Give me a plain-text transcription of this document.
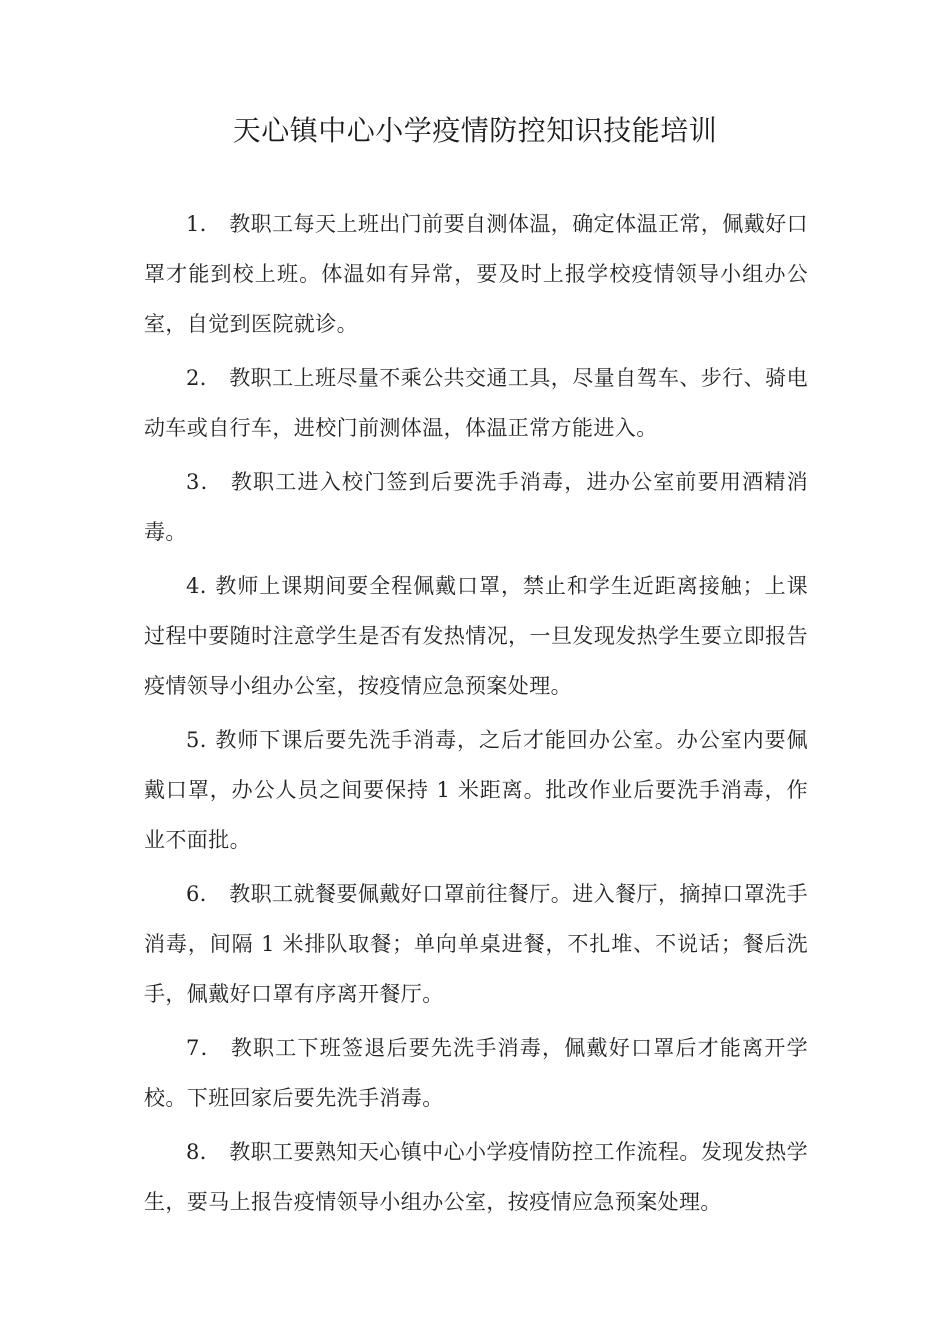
天心镇中心小学疫情防控知识技能培训

1． 教职工每天上班出门前要自测体温，确定体温正常，佩戴好口罩才能到校上班。体温如有异常，要及时上报学校疫情领导小组办公室，自觉到医院就诊。

2． 教职工上班尽量不乘公共交通工具，尽量自驾车、步行、骑电动车或自行车，进校门前测体温，体温正常方能进入。

3． 教职工进入校门签到后要洗手消毒，进办公室前要用酒精消毒。

4. 教师上课期间要全程佩戴口罩，禁止和学生近距离接触；上课过程中要随时注意学生是否有发热情况，一旦发现发热学生要立即报告疫情领导小组办公室，按疫情应急预案处理。

5. 教师下课后要先洗手消毒，之后才能回办公室。办公室内要佩戴口罩，办公人员之间要保持 1 米距离。批改作业后要洗手消毒，作业不面批。

6． 教职工就餐要佩戴好口罩前往餐厅。进入餐厅，摘掉口罩洗手消毒，间隔 1 米排队取餐；单向单桌进餐，不扎堆、不说话；餐后洗手，佩戴好口罩有序离开餐厅。

7． 教职工下班签退后要先洗手消毒，佩戴好口罩后才能离开学校。下班回家后要先洗手消毒。

8． 教职工要熟知天心镇中心小学疫情防控工作流程。发现发热学生，要马上报告疫情领导小组办公室，按疫情应急预案处理。
